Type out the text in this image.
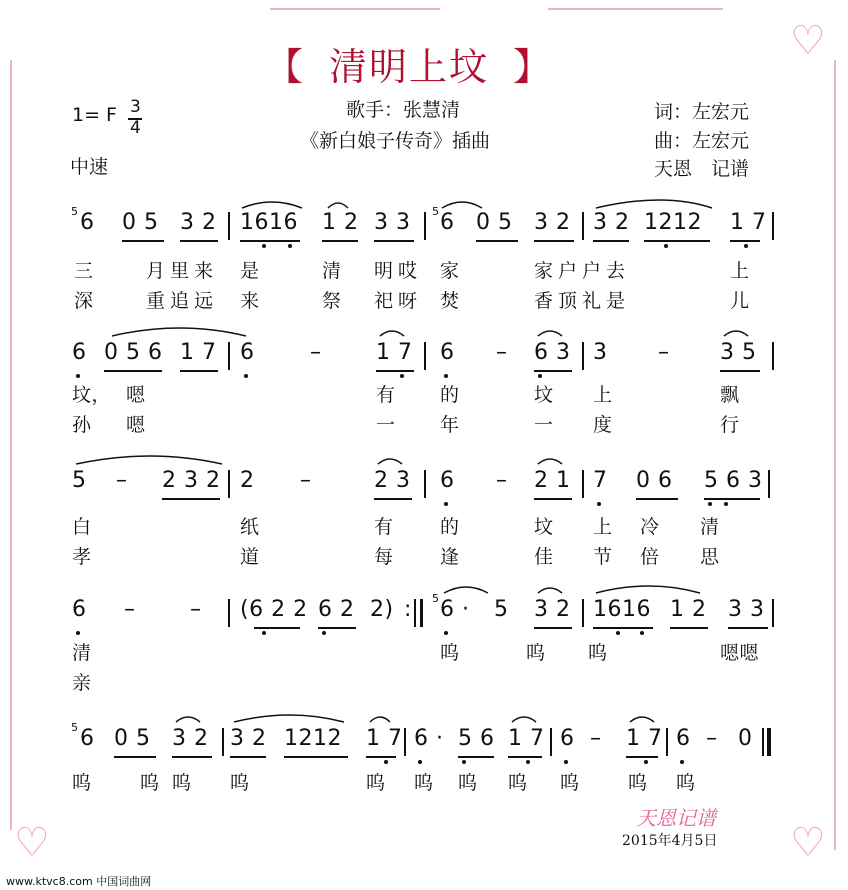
♡
♡	♡
【 清明上坟 】
1= F 3
4
中速
歌手：张慧清
《新白娘子传奇》插曲
词：左宏元
曲：左宏元
天恩　记谱
5	5
6 0 5 3 2 1616 1 2 3 3 6 0 5 3 2 3 2 1212 1 7
三	月 里 来 是	清 明 哎 家	家 户 户 去	上
深	重 追 远 来	祭 祀 呀 焚	香 顶 礼 是	儿
6 0 5 6 1 7 6	– 1 7 6 – 6 3 3 – 3 5
坟， 嗯	有 的	坟 上	飘
孙 嗯	一 年	一 度	行
5 – 2 3 2 2 –	2 3 6 – 2 1 7 0 6 5 6 3
白	纸	有 的	坟 上 冷 清
孝	道	每 逢	佳 节 倍 思
6 – – (6 2 2 6 2 2) : 5 6 · 5 3 2 1616 1 2 3 3
清	呜	呜 呜	嗯嗯
亲
5 6 0 5 3 2 3 2 1212 1 7 6 · 5 6 1 7 6 – 1 7 6 – 0
呜	呜 呜 呜	呜 呜 呜 呜 呜	呜 呜
天恩记谱
2015年4月5日
www.ktvc8.com 中国词曲网
